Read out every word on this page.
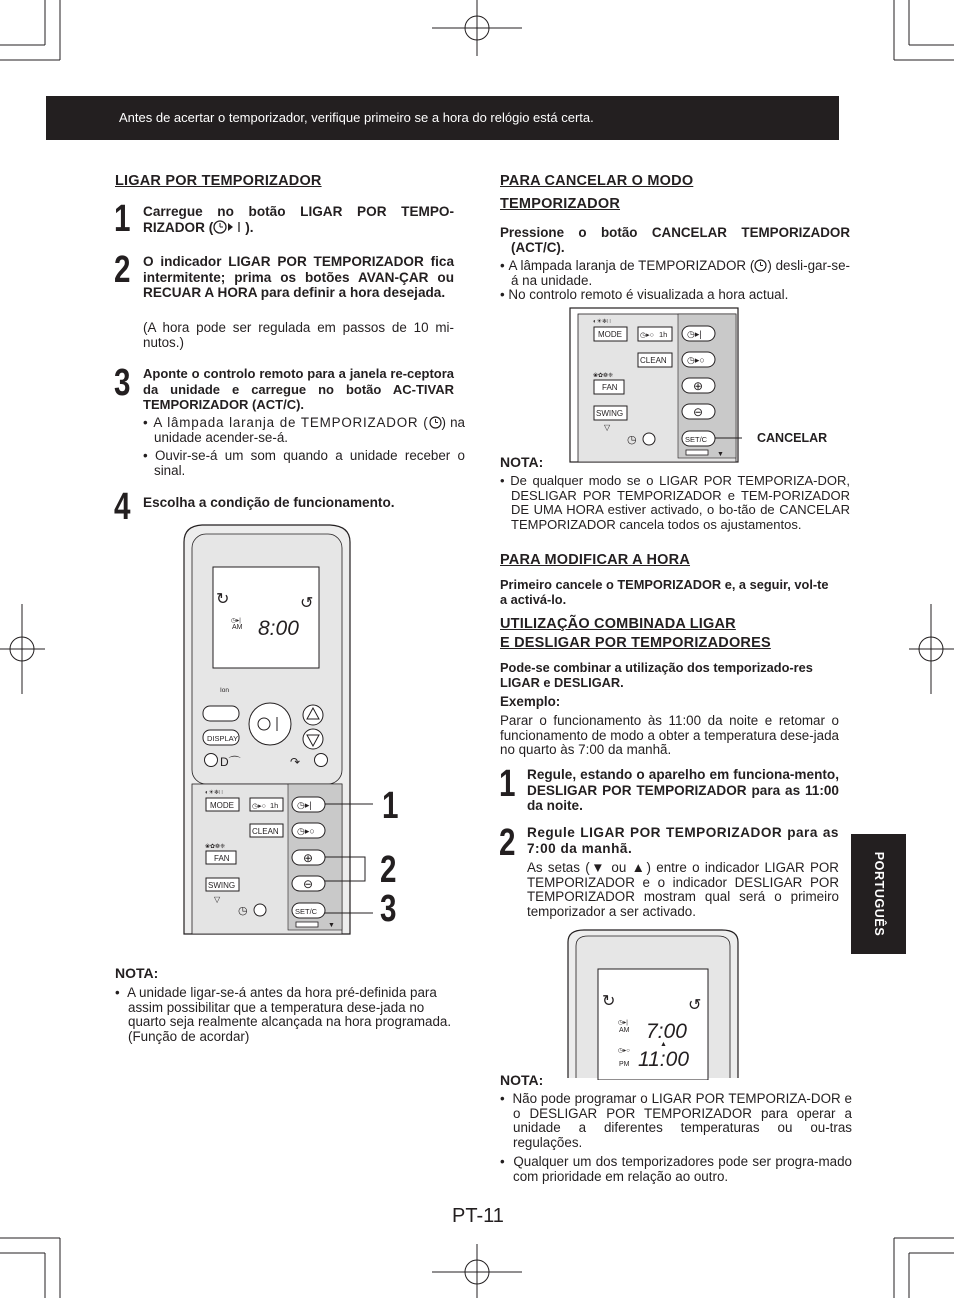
Antes de acertar o temporizador, verifique primeiro se a hora do relógio está certa.
LIGAR POR TEMPORIZADOR
1 Carregue no botão LIGAR POR TEMPO-RIZADOR ( ).
2 O indicador LIGAR POR TEMPORIZADOR fica intermitente; prima os botões AVAN-ÇAR ou RECUAR A HORA para definir a hora desejada.
(A hora pode ser regulada em passos de 10 mi-nutos.)
3 Aponte o controlo remoto para a janela re-ceptora da unidade e carregue no botão AC-TIVAR TEMPORIZADOR (ACT/C).
• A lâmpada laranja de TEMPORIZADOR ( ) na unidade acender-se-á.
• Ouvir-se-á um som quando a unidade receber o sinal.
4 Escolha a condição de funcionamento.
↻	↺
◷▸|
AM 8:00
Ion
DISPLAY
D⌒	↷
◐☀❄∷
MODE	◷▸○ 1h
CLEAN
❀✿❁❈
FAN
SWING
▽
◷
◷▸|
◷▸○
⊕
⊖
SET/C
▼
1
2
3
NOTA:
•  A unidade ligar-se-á antes da hora pré-definida para assim possibilitar que a temperatura dese-jada no quarto seja realmente alcançada na hora programada. (Função de acordar)
PARA CANCELAR O MODO
TEMPORIZADOR
Pressione o botão CANCELAR TEMPORIZADOR (ACT/C).
• A lâmpada laranja de TEMPORIZADOR ( ) desli-gar-se-á na unidade.
• No controlo remoto é visualizada a hora actual.
◐☀❄∷
MODE	◷▸○ 1h
CLEAN
❀✿❁❈
FAN
SWING
▽
◷
◷▸|
◷▸○
⊕
⊖
SET/C
▼
CANCELAR
NOTA:
• De qualquer modo se o LIGAR POR TEMPORIZA-DOR, DESLIGAR POR TEMPORIZADOR e TEM-PORIZADOR DE UMA HORA estiver activado, o bo-tão de CANCELAR TEMPORIZADOR cancela todos os ajustamentos.
PARA MODIFICAR A HORA
Primeiro cancele o TEMPORIZADOR e, a seguir, vol-te a activá-lo.
UTILIZAÇÃO COMBINADA LIGAR
E DESLIGAR POR TEMPORIZADORES
Pode-se combinar a utilização dos temporizado-res LIGAR e DESLIGAR.
Exemplo:
Parar o funcionamento às 11:00 da noite e retomar o funcionamento de modo a obter a temperatura dese-jada no quarto às 7:00 da manhã.
1 Regule, estando o aparelho em funciona-mento, DESLIGAR POR TEMPORIZADOR para as 11:00 da noite.
2 Regule LIGAR POR TEMPORIZADOR para as 7:00 da manhã.
As setas (▼ ou ▲) entre o indicador LIGAR POR TEMPORIZADOR e o indicador DESLIGAR POR TEMPORIZADOR mostram qual será o primeiro temporizador a ser activado.
↻	↺
◷▸|
AM 7:00
▲
◷▸○
PM 11:00
NOTA:
•  Não pode programar o LIGAR POR TEMPORIZA-DOR e o DESLIGAR POR TEMPORIZADOR para operar a unidade a diferentes temperaturas ou ou-tras regulações.
•  Qualquer um dos temporizadores pode ser progra-mado com prioridade em relação ao outro.
PORTUGUÊS
PT-11
